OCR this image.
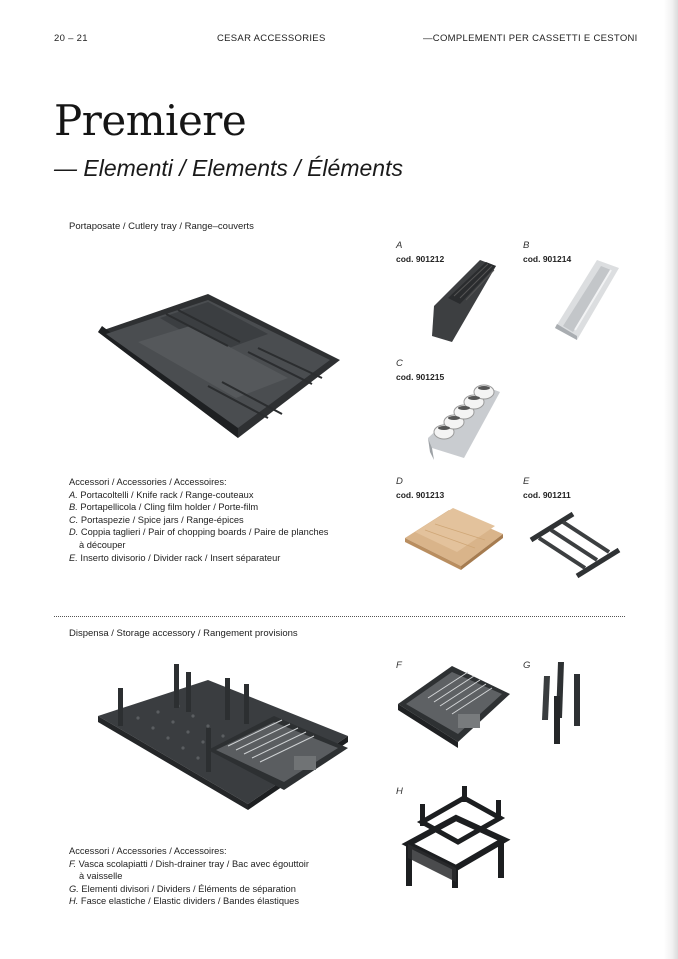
20 – 21	CESAR ACCESSORIES	—COMPLEMENTI PER CASSETTI E CESTONI
Premiere
— Elementi / Elements / Éléments
Portaposate / Cutlery tray / Range–couverts
A
cod. 901212
B
cod. 901214
C
cod. 901215
D
cod. 901213
E
cod. 901211
Accessori / Accessories / Accessoires:
A. Portacoltelli / Knife rack / Range-couteaux
B. Portapellicola / Cling film holder / Porte-film
C. Portaspezie / Spice jars / Range-épices
D. Coppia taglieri / Pair of chopping boards / Paire de planches
à découper
E. Inserto divisorio / Divider rack / Insert séparateur
Dispensa / Storage accessory / Rangement provisions
F	G
H
Accessori / Accessories / Accessoires:
F. Vasca scolapiatti / Dish-drainer tray / Bac avec égouttoir
à vaisselle
G. Elementi divisori / Dividers / Éléments de séparation
H. Fasce elastiche / Elastic dividers / Bandes élastiques
